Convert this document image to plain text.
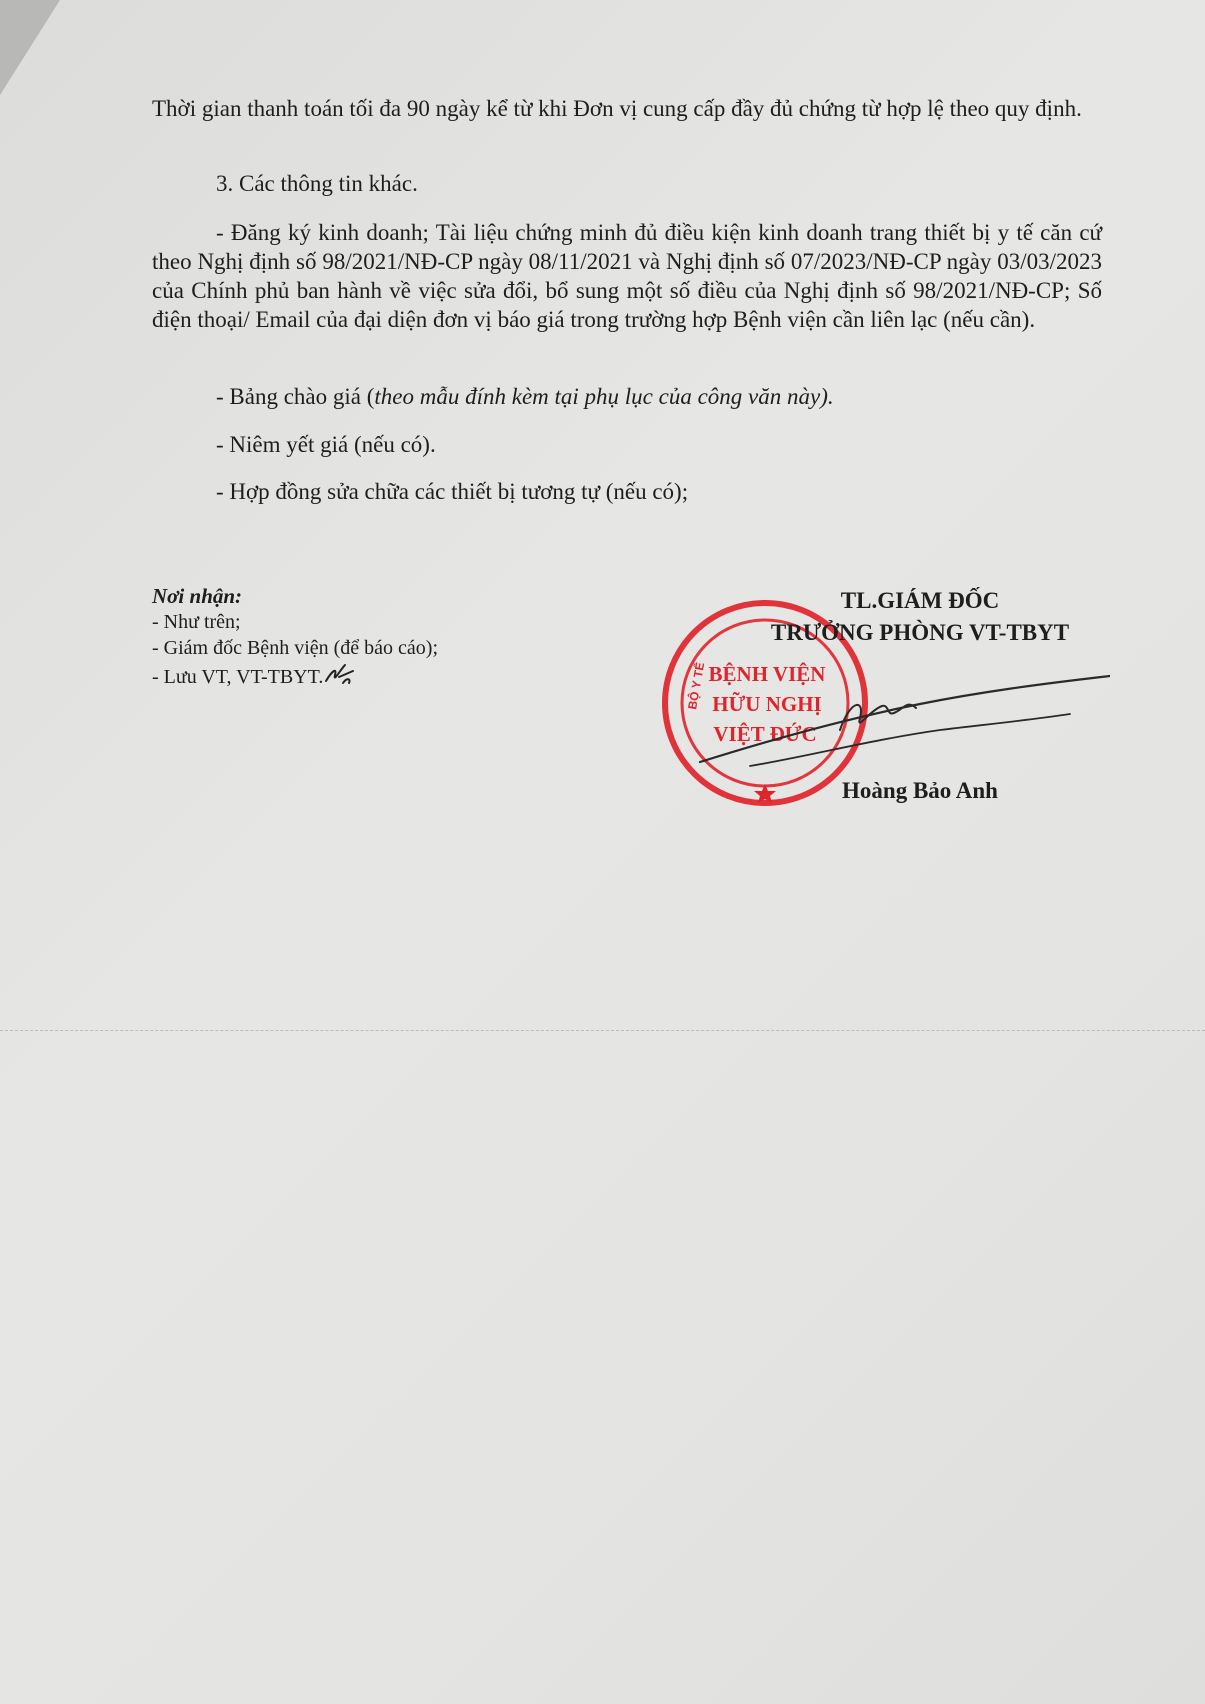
Thời gian thanh toán tối đa 90 ngày kể từ khi Đơn vị cung cấp đầy đủ chứng từ hợp lệ theo quy định.

3. Các thông tin khác.

- Đăng ký kinh doanh; Tài liệu chứng minh đủ điều kiện kinh doanh trang thiết bị y tế căn cứ theo Nghị định số 98/2021/NĐ-CP ngày 08/11/2021 và Nghị định số 07/2023/NĐ-CP ngày 03/03/2023 của Chính phủ ban hành về việc sửa đổi, bổ sung một số điều của Nghị định số 98/2021/NĐ-CP; Số điện thoại/ Email của đại diện đơn vị báo giá trong trường hợp Bệnh viện cần liên lạc (nếu cần).

- Bảng chào giá (theo mẫu đính kèm tại phụ lục của công văn này).

- Niêm yết giá (nếu có).

- Hợp đồng sửa chữa các thiết bị tương tự (nếu có);

Nơi nhận:
- Như trên;
- Giám đốc Bệnh viện (để báo cáo);
- Lưu VT, VT-TBYT.	BỆNH VIỆN
HỮU NGHỊ
VIỆT ĐỨC
BỘ Y TẾ
TL.GIÁM ĐỐC
TRƯỞNG PHÒNG VT-TBYT
Hoàng Bảo Anh
